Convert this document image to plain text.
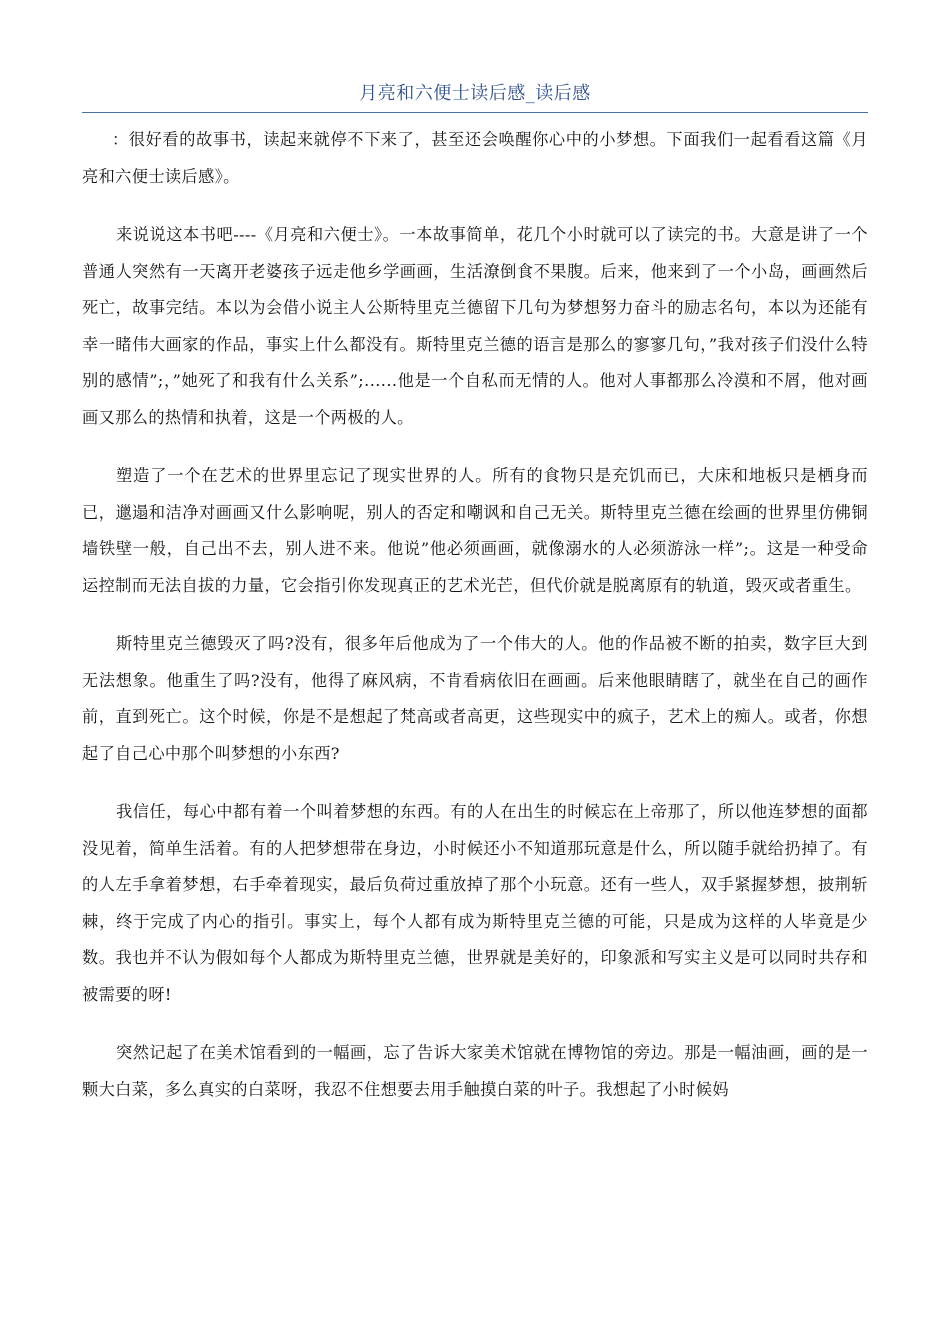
月亮和六便士读后感_读后感

：很好看的故事书，读起来就停不下来了，甚至还会唤醒你心中的小梦想。下面我们一起看看这篇《月亮和六便士读后感》。

来说说这本书吧----《月亮和六便士》。一本故事简单，花几个小时就可以了读完的书。大意是讲了一个普通人突然有一天离开老婆孩子远走他乡学画画，生活潦倒食不果腹。后来，他来到了一个小岛，画画然后死亡，故事完结。本以为会借小说主人公斯特里克兰德留下几句为梦想努力奋斗的励志名句，本以为还能有幸一睹伟大画家的作品，事实上什么都没有。斯特里克兰德的语言是那么的寥寥几句，”我对孩子们没什么特别的感情”;，”她死了和我有什么关系”;......他是一个自私而无情的人。他对人事都那么冷漠和不屑，他对画画又那么的热情和执着，这是一个两极的人。

塑造了一个在艺术的世界里忘记了现实世界的人。所有的食物只是充饥而已，大床和地板只是栖身而已，邋遢和洁净对画画又什么影响呢，别人的否定和嘲讽和自己无关。斯特里克兰德在绘画的世界里仿佛铜墙铁壁一般，自己出不去，别人进不来。他说”他必须画画，就像溺水的人必须游泳一样”;。这是一种受命运控制而无法自拔的力量，它会指引你发现真正的艺术光芒，但代价就是脱离原有的轨道，毁灭或者重生。

斯特里克兰德毁灭了吗?没有，很多年后他成为了一个伟大的人。他的作品被不断的拍卖，数字巨大到无法想象。他重生了吗?没有，他得了麻风病，不肯看病依旧在画画。后来他眼睛瞎了，就坐在自己的画作前，直到死亡。这个时候，你是不是想起了梵高或者高更，这些现实中的疯子，艺术上的痴人。或者，你想起了自己心中那个叫梦想的小东西?

我信任，每心中都有着一个叫着梦想的东西。有的人在出生的时候忘在上帝那了，所以他连梦想的面都没见着，简单生活着。有的人把梦想带在身边，小时候还小不知道那玩意是什么，所以随手就给扔掉了。有的人左手拿着梦想，右手牵着现实，最后负荷过重放掉了那个小玩意。还有一些人，双手紧握梦想，披荆斩棘，终于完成了内心的指引。事实上，每个人都有成为斯特里克兰德的可能，只是成为这样的人毕竟是少数。我也并不认为假如每个人都成为斯特里克兰德，世界就是美好的，印象派和写实主义是可以同时共存和被需要的呀!

突然记起了在美术馆看到的一幅画，忘了告诉大家美术馆就在博物馆的旁边。那是一幅油画，画的是一颗大白菜，多么真实的白菜呀，我忍不住想要去用手触摸白菜的叶子。我想起了小时候妈
